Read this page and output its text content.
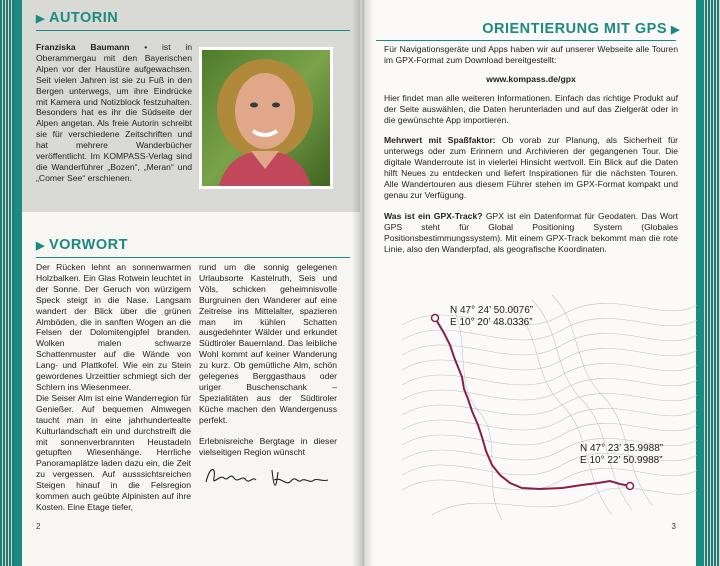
▶ AUTORIN

Franziska Baumann • ist in Oberammergau mit den Bayerischen Alpen vor der Haustüre aufgewachsen. Seit vielen Jahren ist sie zu Fuß in den Bergen unterwegs, um ihre Eindrücke mit Kamera und Notizblock festzuhalten. Besonders hat es ihr die Südseite der Alpen angetan. Als freie Autorin schreibt sie für verschiedene Zeitschriften und hat mehrere Wanderbücher veröffentlicht. Im KOMPASS-Verlag sind die Wanderführer „Bozen“, „Meran“ und „Comer See“ erschienen.

▶ VORWORT

Der Rücken lehnt an sonnenwarmen Holzbalken. Ein Glas Rotwein leuchtet in der Sonne. Der Geruch von würzigem Speck steigt in die Nase. Langsam wandert der Blick über die grünen Almböden, die in sanften Wogen an die Felsen der Dolomitengipfel branden. Wolken malen schwarze Schattenmuster auf die Wände von Lang- und Plattkofel. Wie ein zu Stein gewordenes Urzeittier schmiegt sich der Schlern ins Wiesenmeer.

Die Seiser Alm ist eine Wanderregion für Genießer. Auf bequemen Almwegen taucht man in eine jahrhundertealte Kulturlandschaft ein und durchstreift die mit sonnenverbrannten Heustadeln getupften Wiesenhänge. Herrliche Panoramaplätze laden dazu ein, die Zeit zu vergessen. Auf ausssichtsreichen Steigen hinauf in die Felsregion kommen auch geübte Alpinisten auf ihre Kosten. Eine Etage tiefer,

rund um die sonnig gelegenen Urlaubsorte Kastelruth, Seis und Völs, schicken geheimnisvolle Burgruinen den Wanderer auf eine Zeitreise ins Mittelalter, spazieren man im kühlen Schatten ausgedehnter Wälder und erkundet Südtiroler Bauernland. Das leibliche Wohl kommt auf keiner Wanderung zu kurz. Ob gemütliche Alm, schön gelegenes Berggasthaus oder uriger Buschenschank – Spezialitäten aus der Südtiroler Küche machen den Wandergenuss perfekt.

Erlebnisreiche Bergtage in dieser vielseitigen Region wünscht

2
ORIENTIERUNG MIT GPS ▶

Für Navigationsgeräte und Apps haben wir auf unserer Webseite alle Touren im GPX-Format zum Download bereitgestellt:

www.kompass.de/gpx

Hier findet man alle weiteren Informationen. Einfach das richtige Produkt auf der Seite auswählen, die Daten herunterladen und auf das Zielgerät oder in die gewünschte App importieren.

Mehrwert mit Spaßfaktor: Ob vorab zur Planung, als Sicherheit für unterwegs oder zum Erinnern und Archivieren der gegangenen Tour. Die digitale Wanderroute ist in vielerlei Hinsicht wertvoll. Ein Blick auf die Daten hilft Neues zu entdecken und liefert Inspirationen für die nächsten Touren. Alle Wandertouren aus diesem Führer stehen im GPX-Format kompakt und genau zur Verfügung.

Was ist ein GPX-Track? GPX ist ein Datenformat für Geodaten. Das Wort GPS steht für Global Positioning System (Globales Positionsbestimmungssystem). Mit einem GPX-Track bekommt man die rote Linie, also den Wanderpfad, als geografische Koordinaten.

N 47° 24’ 50.0076”
E 10° 20’ 48.0336”
N 47° 23’ 35.9988”
E 10° 22’ 50.9988”
3
